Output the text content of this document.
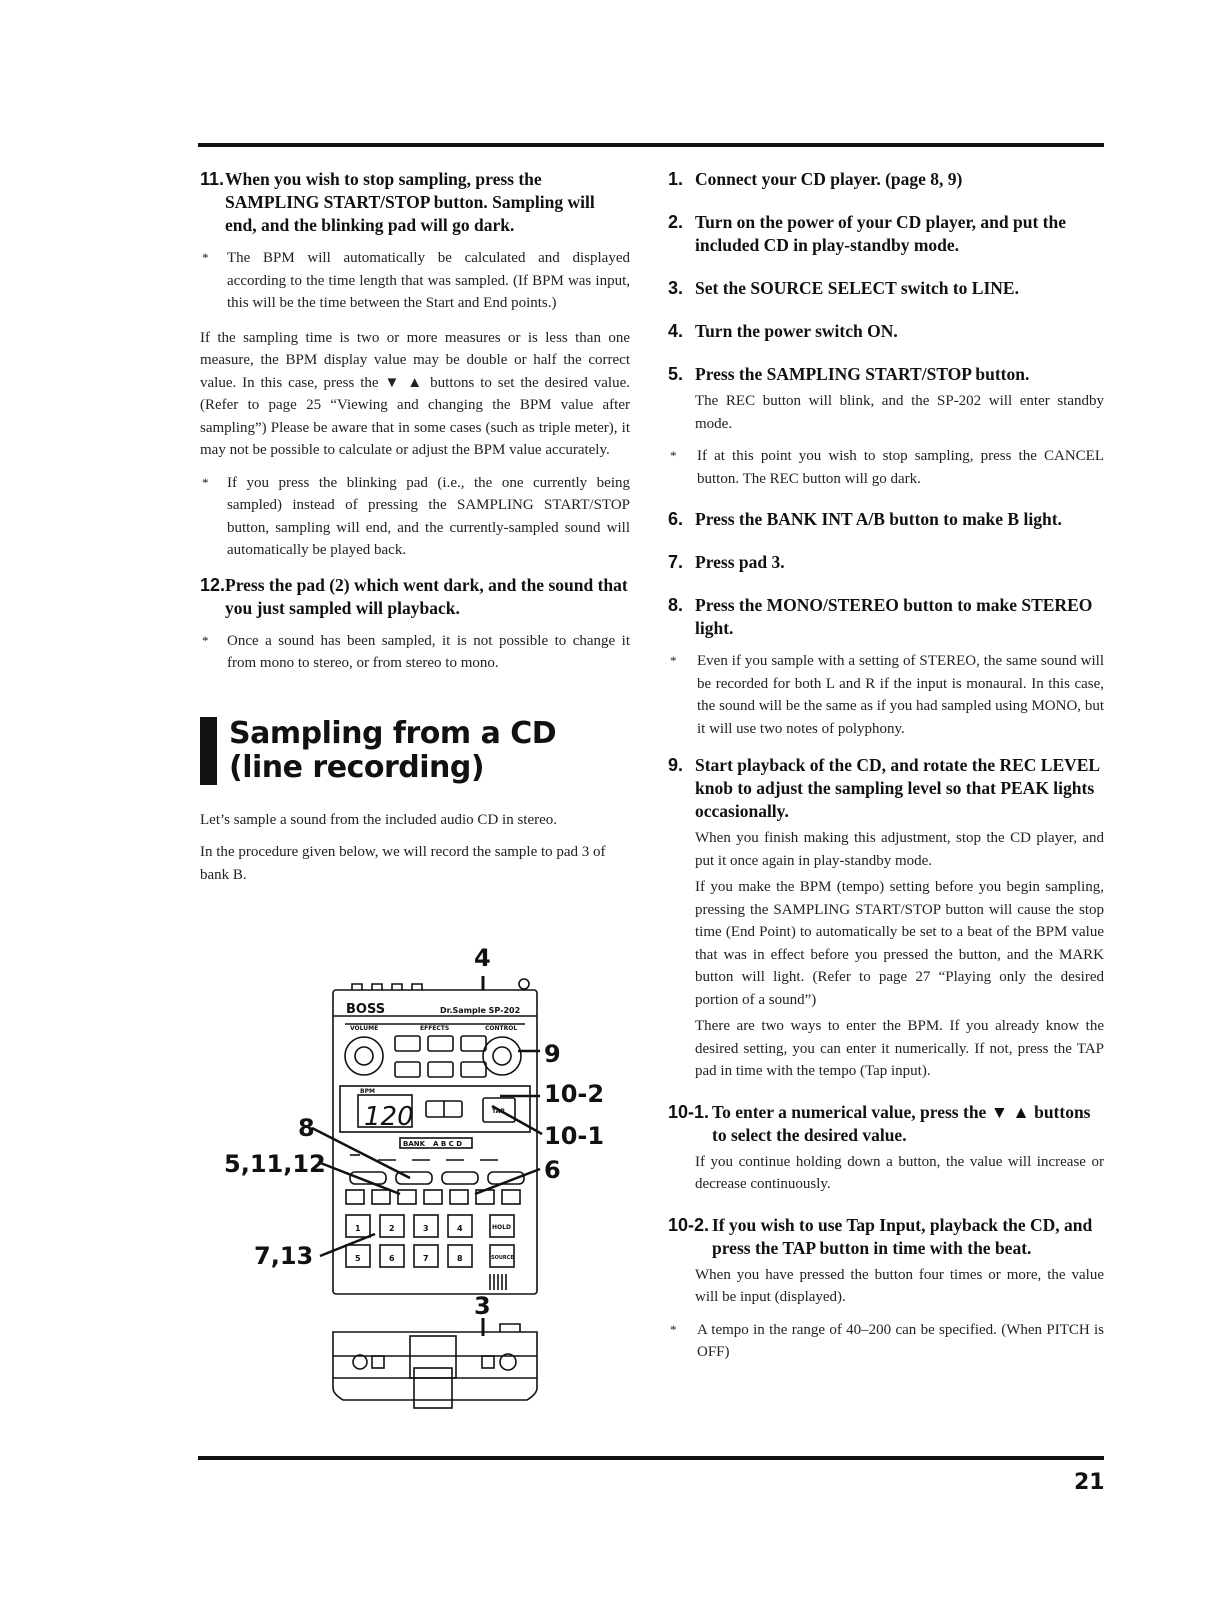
11. When you wish to stop sampling, press the SAMPLING START/STOP button. Sampling will end, and the blinking pad will go dark.
*	The BPM will automatically be calculated and displayed according to the time length that was sampled. (If BPM was input, this will be the time between the Start and End points.)
If the sampling time is two or more measures or is less than one measure, the BPM display value may be double or half the correct value. In this case, press the ▼ ▲ buttons to set the desired value. (Refer to page 25 “Viewing and changing the BPM value after sampling”) Please be aware that in some cases (such as triple meter), it may not be possible to calculate or adjust the BPM value accurately.
*	If you press the blinking pad (i.e., the one currently being sampled) instead of pressing the SAMPLING START/STOP button, sampling will end, and the currently-sampled sound will automatically be played back.
12. Press the pad (2) which went dark, and the sound that you just sampled will playback.
*	Once a sound has been sampled, it is not possible to change it from mono to stereo, or from stereo to mono.
Sampling from a CD
(line recording)
Let’s sample a sound from the included audio CD in stereo.
In the procedure given below, we will record the sample to pad 3 of bank B.
BOSS	Dr.Sample SP-202
VOLUME	EFFECTS	CONTROL
120
BPM
TAP
BANK A B C D
1	2	3	4	HOLD
5	6	7	8	SOURCE
4
9
10-2
10-1
8
5,11,12	6
7,13
3
1. Connect your CD player. (page 8, 9)
2. Turn on the power of your CD player, and put the included CD in play-standby mode.
3. Set the SOURCE SELECT switch to LINE.
4. Turn the power switch ON.
5. Press the SAMPLING START/STOP button.
The REC button will blink, and the SP-202 will enter standby mode.
*	If at this point you wish to stop sampling, press the CANCEL button. The REC button will go dark.
6. Press the BANK INT A/B button to make B light.
7. Press pad 3.
8. Press the MONO/STEREO button to make STEREO light.
*	Even if you sample with a setting of STEREO, the same sound will be recorded for both L and R if the input is monaural. In this case, the sound will be the same as if you had sampled using MONO, but it will use two notes of polyphony.
9. Start playback of the CD, and rotate the REC LEVEL knob to adjust the sampling level so that PEAK lights occasionally.
When you finish making this adjustment, stop the CD player, and put it once again in play-standby mode.
If you make the BPM (tempo) setting before you begin sampling, pressing the SAMPLING START/STOP button will cause the stop time (End Point) to automatically be set to a beat of the BPM value that was in effect before you pressed the button, and the MARK button will light. (Refer to page 27 “Playing only the desired portion of a sound”)
There are two ways to enter the BPM. If you already know the desired setting, you can enter it numerically. If not, press the TAP pad in time with the tempo (Tap input).
10-1. To enter a numerical value, press the ▼ ▲ buttons to select the desired value.
If you continue holding down a button, the value will increase or decrease continuously.
10-2. If you wish to use Tap Input, playback the CD, and press the TAP button in time with the beat.
When you have pressed the button four times or more, the value will be input (displayed).
*	A tempo in the range of 40–200 can be specified. (When PITCH is OFF)
21
